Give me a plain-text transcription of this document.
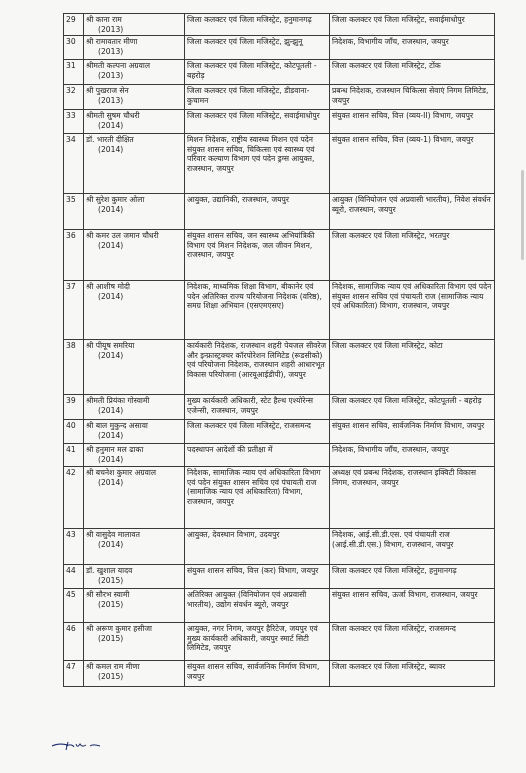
29	श्री काना राम
(2013)	जिला कलक्टर एवं जिला मजिस्ट्रेट, हनुमानगढ़	जिला कलक्टर एवं जिला मजिस्ट्रेट, सवाईमाधोपुर
30	श्री रामावतार मीणा
(2013)	जिला कलक्टर एवं जिला मजिस्ट्रेट, झुन्झुनू	निदेशक, विभागीय जाँच, राजस्थान, जयपुर
31	श्रीमती कल्पना अग्रवाल
(2013)	जिला कलक्टर एवं जिला मजिस्ट्रेट, कोटपूतली - बहरोड़	जिला कलक्टर एवं जिला मजिस्ट्रेट, टोंक
32	श्री पुखराज सेन
(2013)	जिला कलक्टर एवं जिला मजिस्ट्रेट, डीडवाना-कुचामन	प्रबन्ध निदेशक, राजस्थान चिकित्सा सेवाएं निगम लिमिटेड, जयपुर
33	श्रीमती सुषम चौधरी
(2014)	जिला कलक्टर एवं जिला मजिस्ट्रेट, सवाईमाधोपुर	संयुक्त शासन सचिव, वित्त (व्यय-II) विभाग, जयपुर
34	डॉ. भारती दीक्षित
(2014)	मिशन निदेशक, राष्ट्रीय स्वास्थ्य मिशन एवं पदेन संयुक्त शासन सचिव, चिकित्सा एवं स्वास्थ्य एवं परिवार कल्याण विभाग एवं पदेन ड्रग्स आयुक्त, राजस्थान, जयपुर	संयुक्त शासन सचिव, वित्त (व्यय-1) विभाग, जयपुर
35	श्री सुरेश कुमार ओला
(2014)	आयुक्त, उद्यानिकी, राजस्थान, जयपुर	आयुक्त (विनियोजन एवं अप्रवासी भारतीय), निवेश संवर्धन ब्यूरो, राजस्थान, जयपुर
36	श्री कमर उल जमान चौधरी
(2014)	संयुक्त शासन सचिव, जन स्वास्थ्य अभियांत्रिकी विभाग एवं मिशन निदेशक, जल जीवन मिशन, राजस्थान, जयपुर	जिला कलक्टर एवं जिला मजिस्ट्रेट, भरतपुर
37	श्री आशीष मोदी
(2014)	निदेशक, माध्यमिक शिक्षा विभाग, बीकानेर एवं पदेन अतिरिक्त राज्य परियोजना निदेशक (वरिष्ठ), समग्र शिक्षा अभियान (एसएमएसए)	निदेशक, सामाजिक न्याय एवं अधिकारिता विभाग एवं पदेन संयुक्त शासन सचिव एवं पंचायती राज (सामाजिक न्याय एवं अधिकारिता) विभाग, राजस्थान, जयपुर
38	श्री पीयूष समरिया
(2014)	कार्यकारी निदेशक, राजस्थान शहरी पेयजल सीवरेज और इन्फ्रास्ट्रक्चर कॉरपोरेशन लिमिटेड (रूडसीको) एवं परियोजना निदेशक, राजस्थान शहरी आधारभूत विकास परियोजना (आरयूआईडीपी), जयपुर	जिला कलक्टर एवं जिला मजिस्ट्रेट, कोटा
39	श्रीमती प्रियंका गोस्वामी
(2014)	मुख्य कार्यकारी अधिकारी, स्टेट हैल्थ एश्योरेन्स एजेन्सी, राजस्थान, जयपुर	जिला कलक्टर एवं जिला मजिस्ट्रेट, कोटपूतली - बहरोड़
40	श्री बाल मुकुन्द असावा
(2014)	जिला कलक्टर एवं जिला मजिस्ट्रेट, राजसमन्द	संयुक्त शासन सचिव, सार्वजनिक निर्माण विभाग, जयपुर
41	श्री हनुमान मल ढाका
(2014)	पदस्थापन आदेशों की प्रतीक्षा में	निदेशक, विभागीय जाँच, राजस्थान, जयपुर
42	श्री बचनेश कुमार अग्रवाल
(2014)	निदेशक, सामाजिक न्याय एवं अधिकारिता विभाग एवं पदेन संयुक्त शासन सचिव एवं पंचायती राज (सामाजिक न्याय एवं अधिकारिता) विभाग, राजस्थान, जयपुर	अध्यक्ष एवं प्रबन्ध निदेशक, राजस्थान इक्विटी विकास निगम, राजस्थान, जयपुर
43	श्री वासुदेव मालावत
(2014)	आयुक्त, देवस्थान विभाग, उदयपुर	निदेशक, आई.सी.डी.एस. एवं पंचायती राज (आई.सी.डी.एस.) विभाग, राजस्थान, जयपुर
44	डॉ. खुशाल यादव
(2015)	संयुक्त शासन सचिव, वित्त (कर) विभाग, जयपुर	जिला कलक्टर एवं जिला मजिस्ट्रेट, हनुमानगढ़
45	श्री सौरभ स्वामी
(2015)	अतिरिक्त आयुक्त (विनियोजन एवं अप्रवासी भारतीय), उद्योग संवर्धन ब्यूरो, जयपुर	संयुक्त शासन सचिव, ऊर्जा विभाग, राजस्थान, जयपुर
46	श्री अरूण कुमार हसीजा
(2015)	आयुक्त, नगर निगम, जयपुर हैरिटेज, जयपुर एवं मुख्य कार्यकारी अधिकारी, जयपुर स्मार्ट सिटी लिमिटेड, जयपुर	जिला कलक्टर एवं जिला मजिस्ट्रेट, राजसमन्द
47	श्री कमल राम मीणा
(2015)	संयुक्त शासन सचिव, सार्वजनिक निर्माण विभाग, जयपुर	जिला कलक्टर एवं जिला मजिस्ट्रेट, ब्यावर
